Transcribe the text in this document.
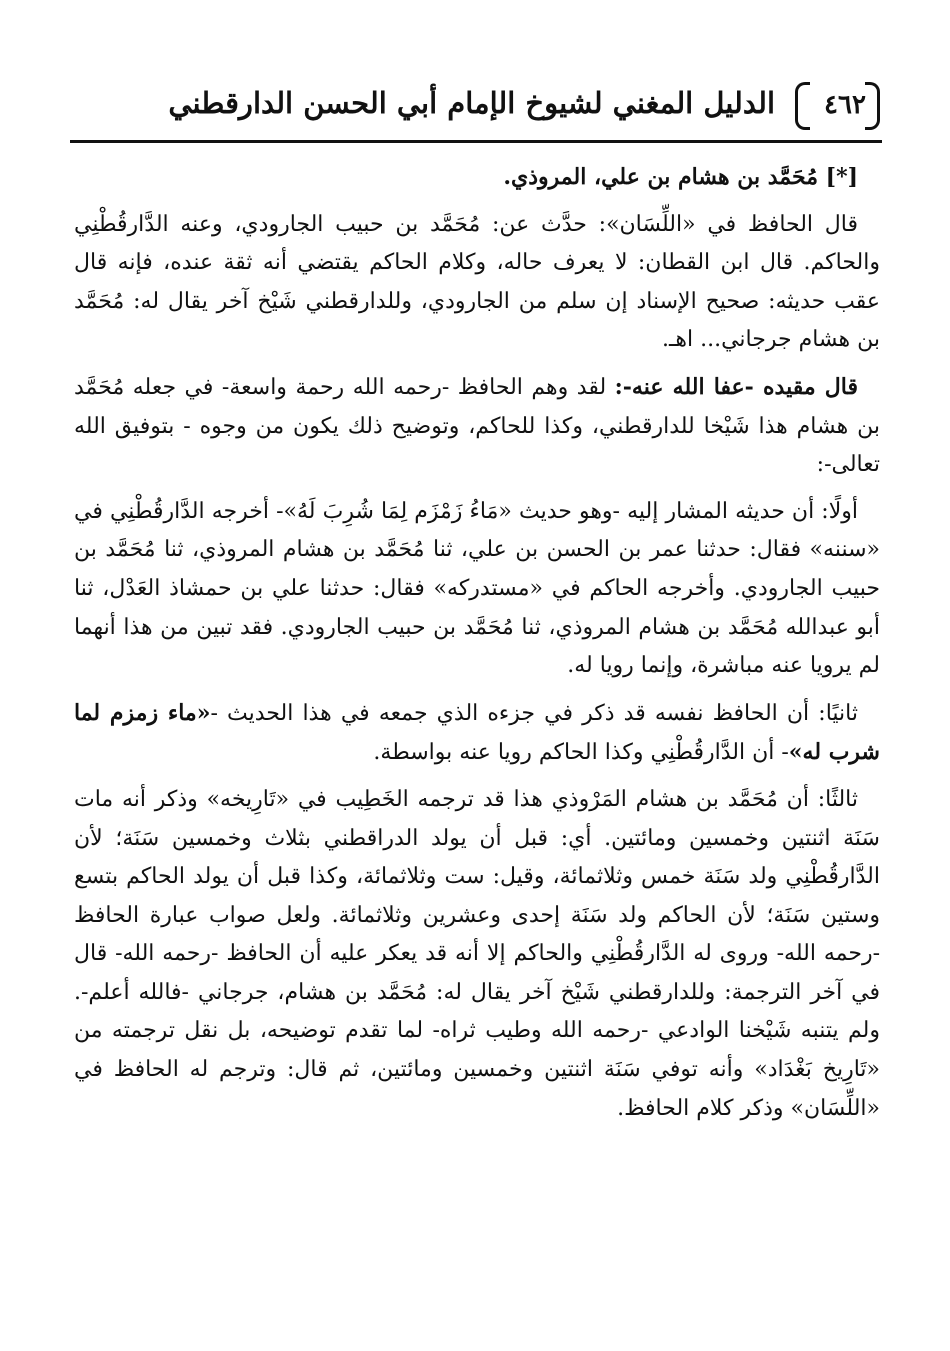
٤٦٢
الدليل المغني لشيوخ الإمام أبي الحسن الدارقطني

[*] مُحَمَّد بن هشام بن علي، المروذي.

قال الحافظ في «اللِّسَان»: حدَّث عن: مُحَمَّد بن حبيب الجارودي، وعنه الدَّارقُطْنِي والحاكم. قال ابن القطان: لا يعرف حاله، وكلام الحاكم يقتضي أنه ثقة عنده، فإنه قال عقب حديثه: صحيح الإسناد إن سلم من الجارودي، وللدارقطني شَيْخ آخر يقال له: مُحَمَّد بن هشام جرجاني... اهـ.

قال مقيده -عفا الله عنه-: لقد وهم الحافظ -رحمه الله رحمة واسعة- في جعله مُحَمَّد بن هشام هذا شَيْخا للدارقطني، وكذا للحاكم، وتوضيح ذلك يكون من وجوه - بتوفيق الله تعالى-:

أولًا: أن حديثه المشار إليه -وهو حديث «مَاءُ زَمْزَم لِمَا شُرِبَ لَهُ»- أخرجه الدَّارقُطْنِي في «سننه» فقال: حدثنا عمر بن الحسن بن علي، ثنا مُحَمَّد بن هشام المروذي، ثنا مُحَمَّد بن حبيب الجارودي. وأخرجه الحاكم في «مستدركه» فقال: حدثنا علي بن حمشاذ العَدْل، ثنا أبو عبدالله مُحَمَّد بن هشام المروذي، ثنا مُحَمَّد بن حبيب الجارودي. فقد تبين من هذا أنهما لم يرويا عنه مباشرة، وإنما رويا له.

ثانيًا: أن الحافظ نفسه قد ذكر في جزءه الذي جمعه في هذا الحديث -«ماء زمزم لما شرب له»- أن الدَّارقُطْنِي وكذا الحاكم رويا عنه بواسطة.

ثالثًا: أن مُحَمَّد بن هشام المَرْوذي هذا قد ترجمه الخَطِيب في «تَارِيخه» وذكر أنه مات سَنَة اثنتين وخمسين ومائتين. أي: قبل أن يولد الدراقطني بثلاث وخمسين سَنَة؛ لأن الدَّارقُطْنِي ولد سَنَة خمس وثلاثمائة، وقيل: ست وثلاثمائة، وكذا قبل أن يولد الحاكم بتسع وستين سَنَة؛ لأن الحاكم ولد سَنَة إحدى وعشرين وثلاثمائة. ولعل صواب عبارة الحافظ -رحمه الله- وروى له الدَّارقُطْنِي والحاكم إلا أنه قد يعكر عليه أن الحافظ -رحمه الله- قال في آخر الترجمة: وللدارقطني شَيْخ آخر يقال له: مُحَمَّد بن هشام، جرجاني -فالله أعلم-. ولم يتنبه شَيْخنا الوادعي -رحمه الله وطيب ثراه- لما تقدم توضيحه، بل نقل ترجمته من «تَارِيخ بَغْدَاد» وأنه توفي سَنَة اثنتين وخمسين ومائتين، ثم قال: وترجم له الحافظ في «اللِّسَان» وذكر كلام الحافظ.
